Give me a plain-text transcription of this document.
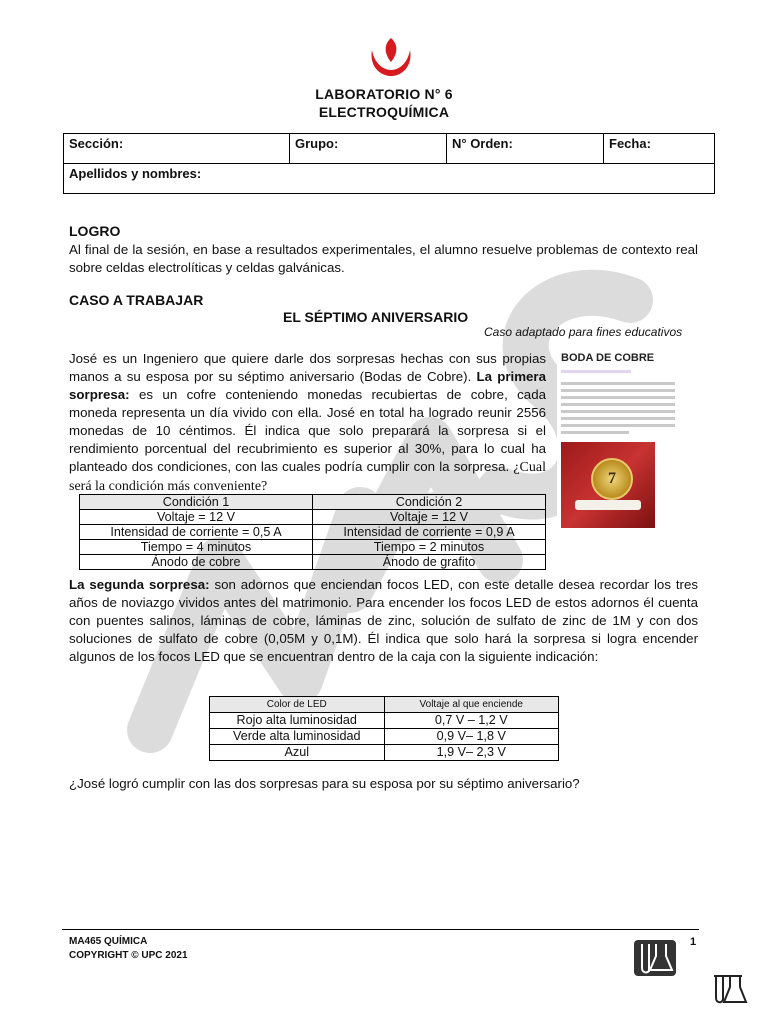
LABORATORIO N° 6
ELECTROQUÍMICA
Sección:	Grupo:	N° Orden:	Fecha:
Apellidos y nombres:
LOGRO
Al final de la sesión, en base a resultados experimentales, el alumno resuelve problemas de contexto real sobre celdas electrolíticas y celdas galvánicas.
CASO A TRABAJAR
EL SÉPTIMO ANIVERSARIO
Caso adaptado para fines educativos
José es un Ingeniero que quiere darle dos sorpresas hechas con sus propias manos a su esposa por su séptimo aniversario (Bodas de Cobre). La primera sorpresa: es un cofre conteniendo monedas recubiertas de cobre, cada moneda representa un día vivido con ella. José en total ha logrado reunir 2556 monedas de 10 céntimos. Él indica que solo preparará la sorpresa si el rendimiento porcentual del recubrimiento es superior al 30%, para lo cual ha planteado dos condiciones, con las cuales podría cumplir con la sorpresa. ¿Cual será la condición más conveniente?
BODA DE COBRE
7
Condición 1	Condición 2
Voltaje = 12 V	Voltaje = 12 V
Intensidad de corriente = 0,5 A	Intensidad de corriente = 0,9 A
Tiempo = 4 minutos	Tiempo = 2 minutos
Ánodo de cobre	Ánodo de grafito
La segunda sorpresa: son adornos que enciendan focos LED, con este detalle desea recordar los tres años de noviazgo vividos antes del matrimonio. Para encender los focos LED de estos adornos él cuenta con puentes salinos, láminas de cobre, láminas de zinc, solución de sulfato de zinc de 1M y con dos soluciones de sulfato de cobre (0,05M y 0,1M). Él indica que solo hará la sorpresa si logra encender algunos de los focos LED que se encuentran dentro de la caja con la siguiente indicación:
Color de LED	Voltaje al que enciende
Rojo alta luminosidad	0,7 V – 1,2 V
Verde alta luminosidad	0,9 V– 1,8 V
Azul	1,9 V– 2,3 V
¿José logró cumplir con las dos sorpresas para su esposa por su séptimo aniversario?
MA465 QUÍMICA
COPYRIGHT © UPC 2021
1
